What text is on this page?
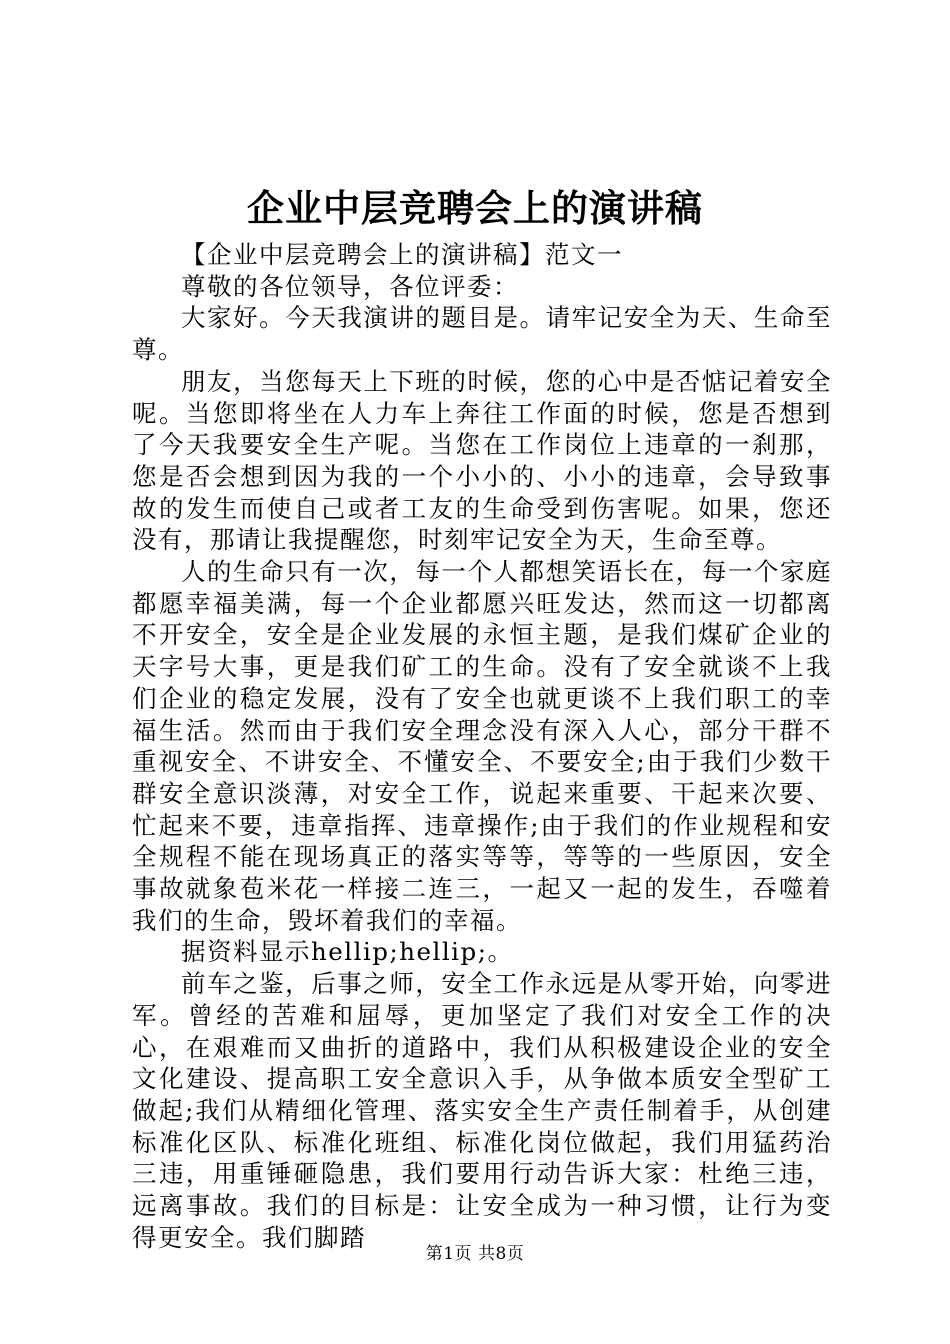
企业中层竞聘会上的演讲稿

【企业中层竞聘会上的演讲稿】范文一

尊敬的各位领导，各位评委：

大家好。今天我演讲的题目是。请牢记安全为天、生命至尊。

朋友，当您每天上下班的时候，您的心中是否惦记着安全呢。当您即将坐在人力车上奔往工作面的时候，您是否想到了今天我要安全生产呢。当您在工作岗位上违章的一刹那，您是否会想到因为我的一个小小的、小小的违章，会导致事故的发生而使自己或者工友的生命受到伤害呢。如果，您还没有，那请让我提醒您，时刻牢记安全为天，生命至尊。

人的生命只有一次，每一个人都想笑语长在，每一个家庭都愿幸福美满，每一个企业都愿兴旺发达，然而这一切都离不开安全，安全是企业发展的永恒主题，是我们煤矿企业的天字号大事，更是我们矿工的生命。没有了安全就谈不上我们企业的稳定发展，没有了安全也就更谈不上我们职工的幸福生活。然而由于我们安全理念没有深入人心，部分干群不重视安全、不讲安全、不懂安全、不要安全;由于我们少数干群安全意识淡薄，对安全工作，说起来重要、干起来次要、忙起来不要，违章指挥、违章操作;由于我们的作业规程和安全规程不能在现场真正的落实等等，等等的一些原因，安全事故就象苞米花一样接二连三，一起又一起的发生，吞噬着我们的生命，毁坏着我们的幸福。

据资料显示hellip;hellip;。

前车之鉴，后事之师，安全工作永远是从零开始，向零进军。曾经的苦难和屈辱，更加坚定了我们对安全工作的决心，在艰难而又曲折的道路中，我们从积极建设企业的安全文化建设、提高职工安全意识入手，从争做本质安全型矿工做起;我们从精细化管理、落实安全生产责任制着手，从创建标准化区队、标准化班组、标准化岗位做起，我们用猛药治三违，用重锤砸隐患，我们要用行动告诉大家：杜绝三违，远离事故。我们的目标是：让安全成为一种习惯，让行为变得更安全。我们脚踏

第1页 共8页
